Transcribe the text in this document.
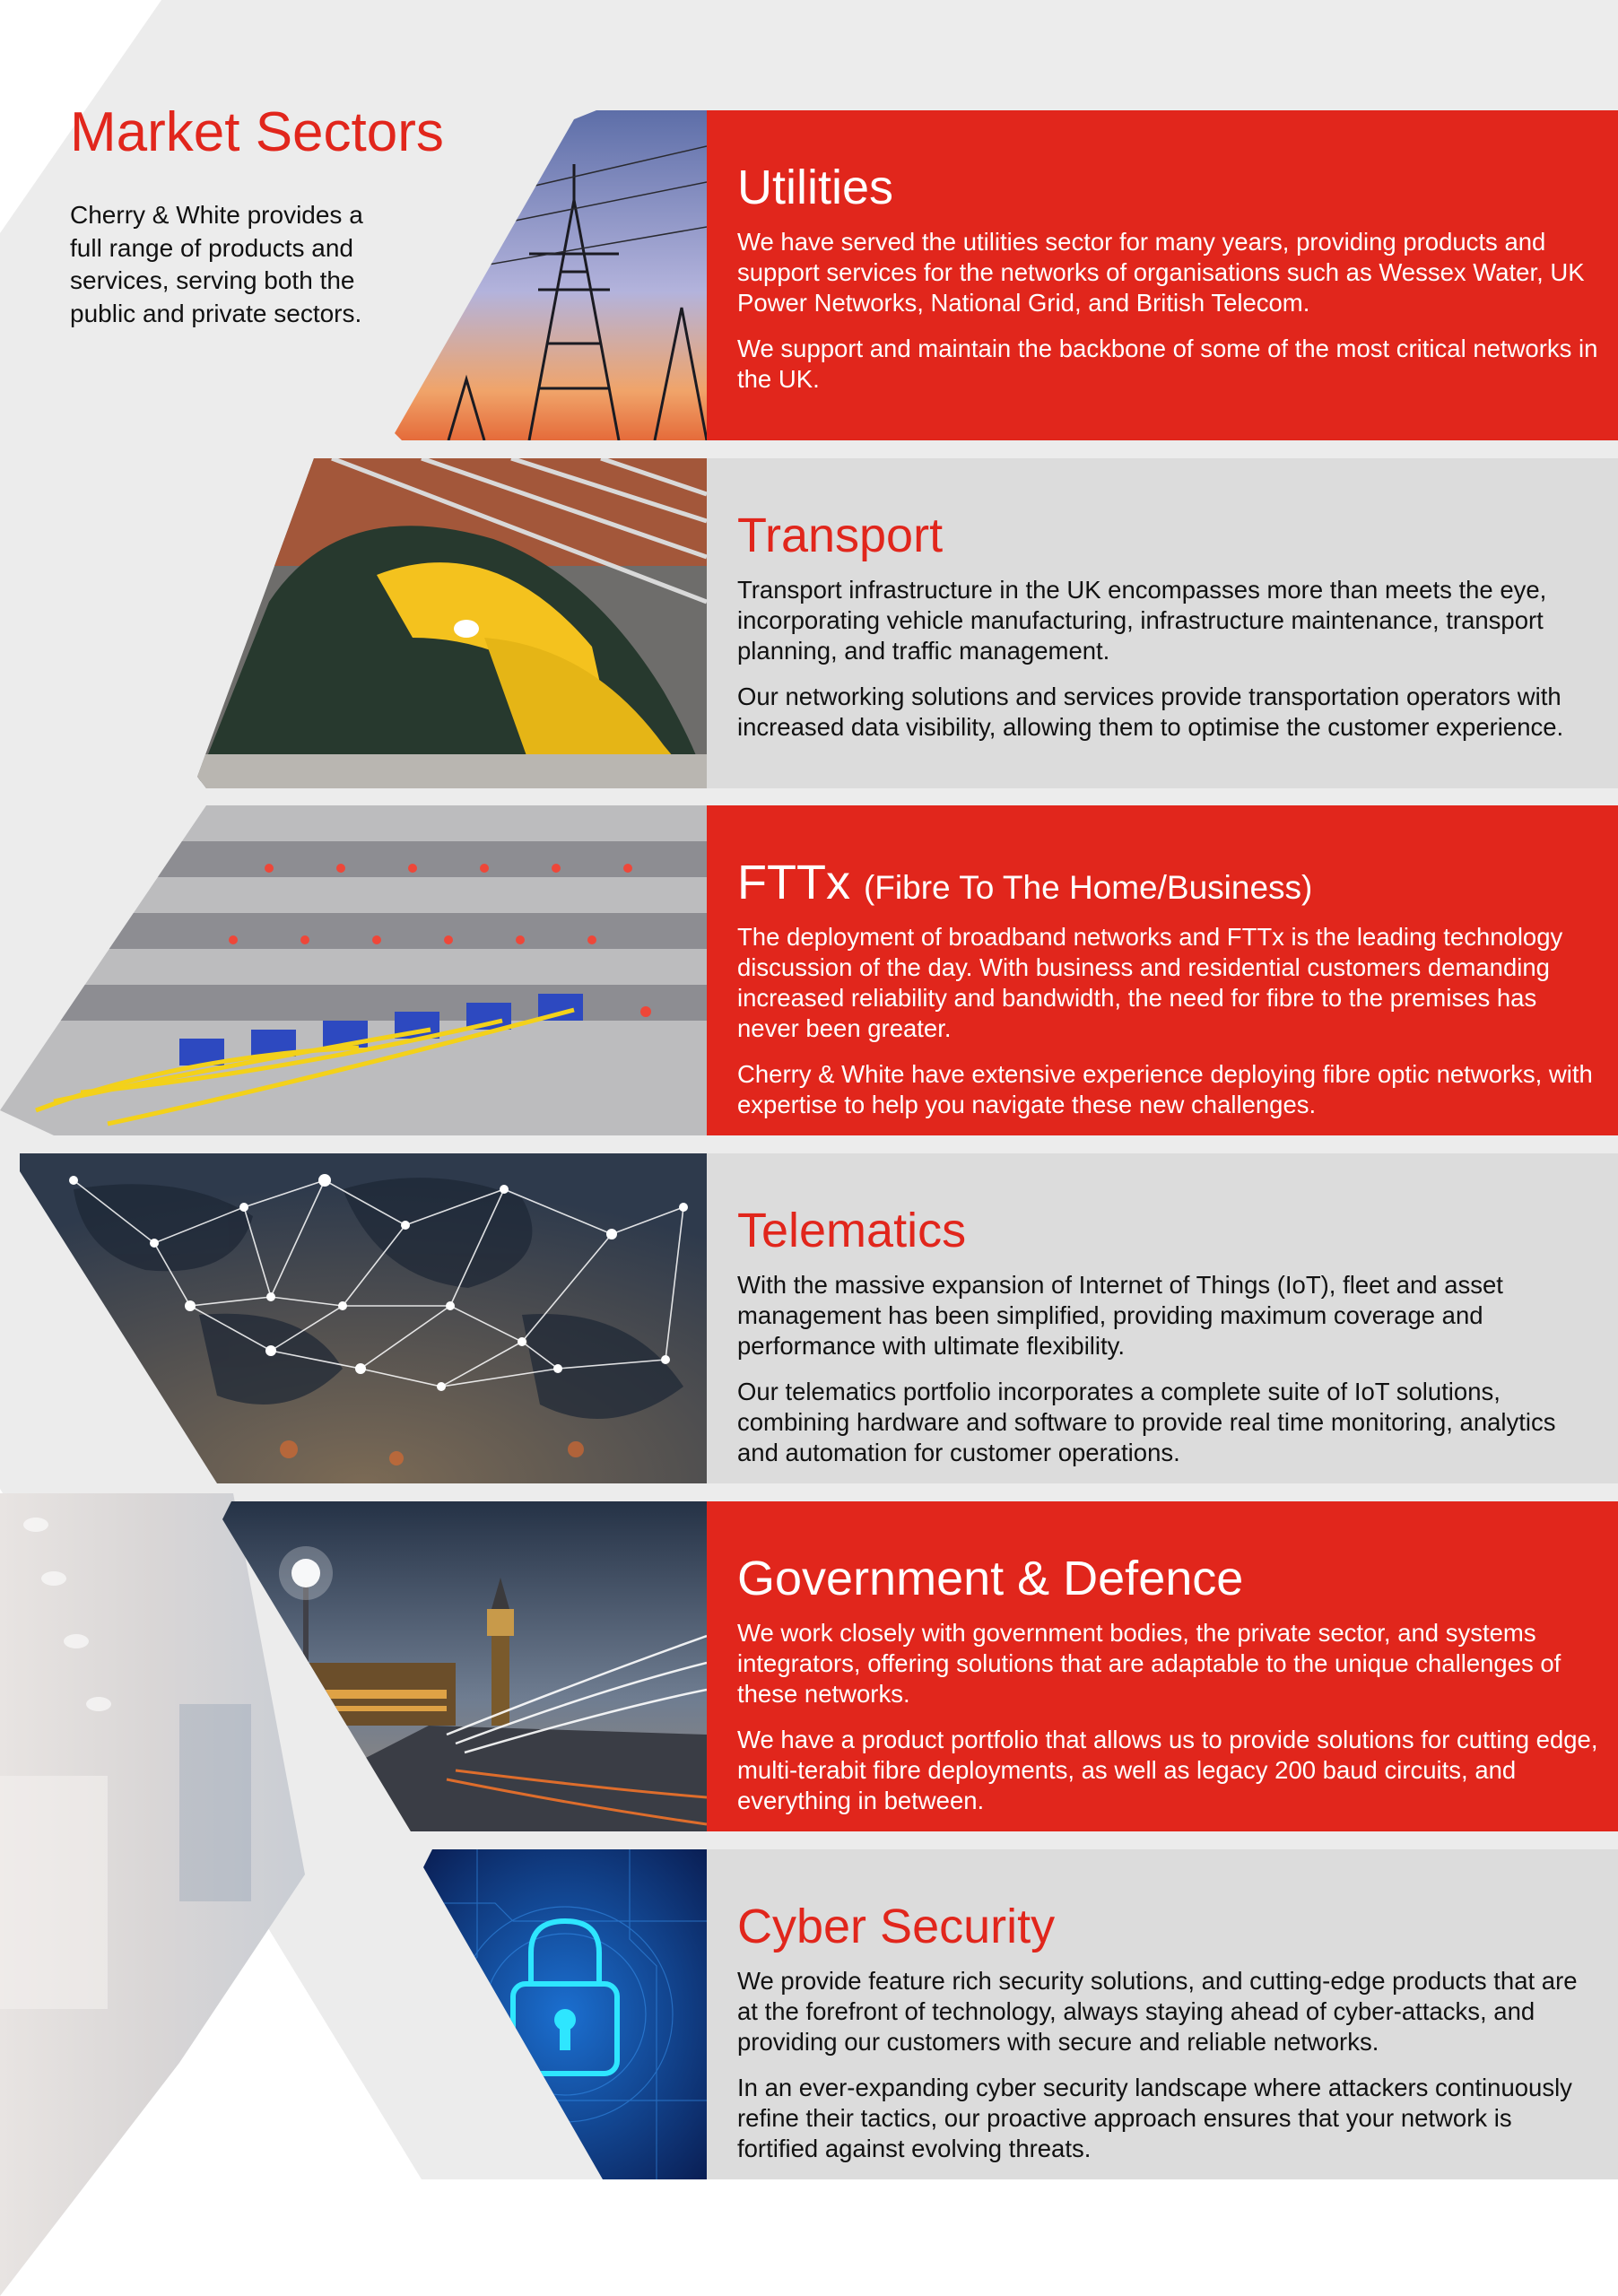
Market Sectors
Cherry & White provides a full range of products and services, serving both the public and private sectors.
Utilities

We have served the utilities sector for many years, providing products and support services for the networks of organisations such as Wessex Water, UK Power Networks, National Grid, and British Telecom.

We support and maintain the backbone of some of the most critical networks in the UK.

Transport

Transport infrastructure in the UK encompasses more than meets the eye, incorporating vehicle manufacturing, infrastructure maintenance, transport planning, and traffic management.

Our networking solutions and services provide transportation operators with increased data visibility, allowing them to optimise the customer experience.

FTTx (Fibre To The Home/Business)

The deployment of broadband networks and FTTx is the leading technology discussion of the day. With business and residential customers demanding increased reliability and bandwidth, the need for fibre to the premises has never been greater.

Cherry & White have extensive experience deploying fibre optic networks, with expertise to help you navigate these new challenges.

Telematics

With the massive expansion of Internet of Things (IoT), fleet and asset management has been simplified, providing maximum coverage and performance with ultimate flexibility.

Our telematics portfolio incorporates a complete suite of IoT solutions, combining hardware and software to provide real time monitoring, analytics and automation for customer operations.

Government & Defence

We work closely with government bodies, the private sector, and systems integrators, offering solutions that are adaptable to the unique challenges of these networks.

We have a product portfolio that allows us to provide solutions for cutting edge, multi-terabit fibre deployments, as well as legacy 200 baud circuits, and everything in between.

Cyber Security

We provide feature rich security solutions, and cutting-edge products that are at the forefront of technology, always staying ahead of cyber-attacks, and providing our customers with secure and reliable networks.

In an ever-expanding cyber security landscape where attackers continuously refine their tactics, our proactive approach ensures that your network is fortified against evolving threats.
